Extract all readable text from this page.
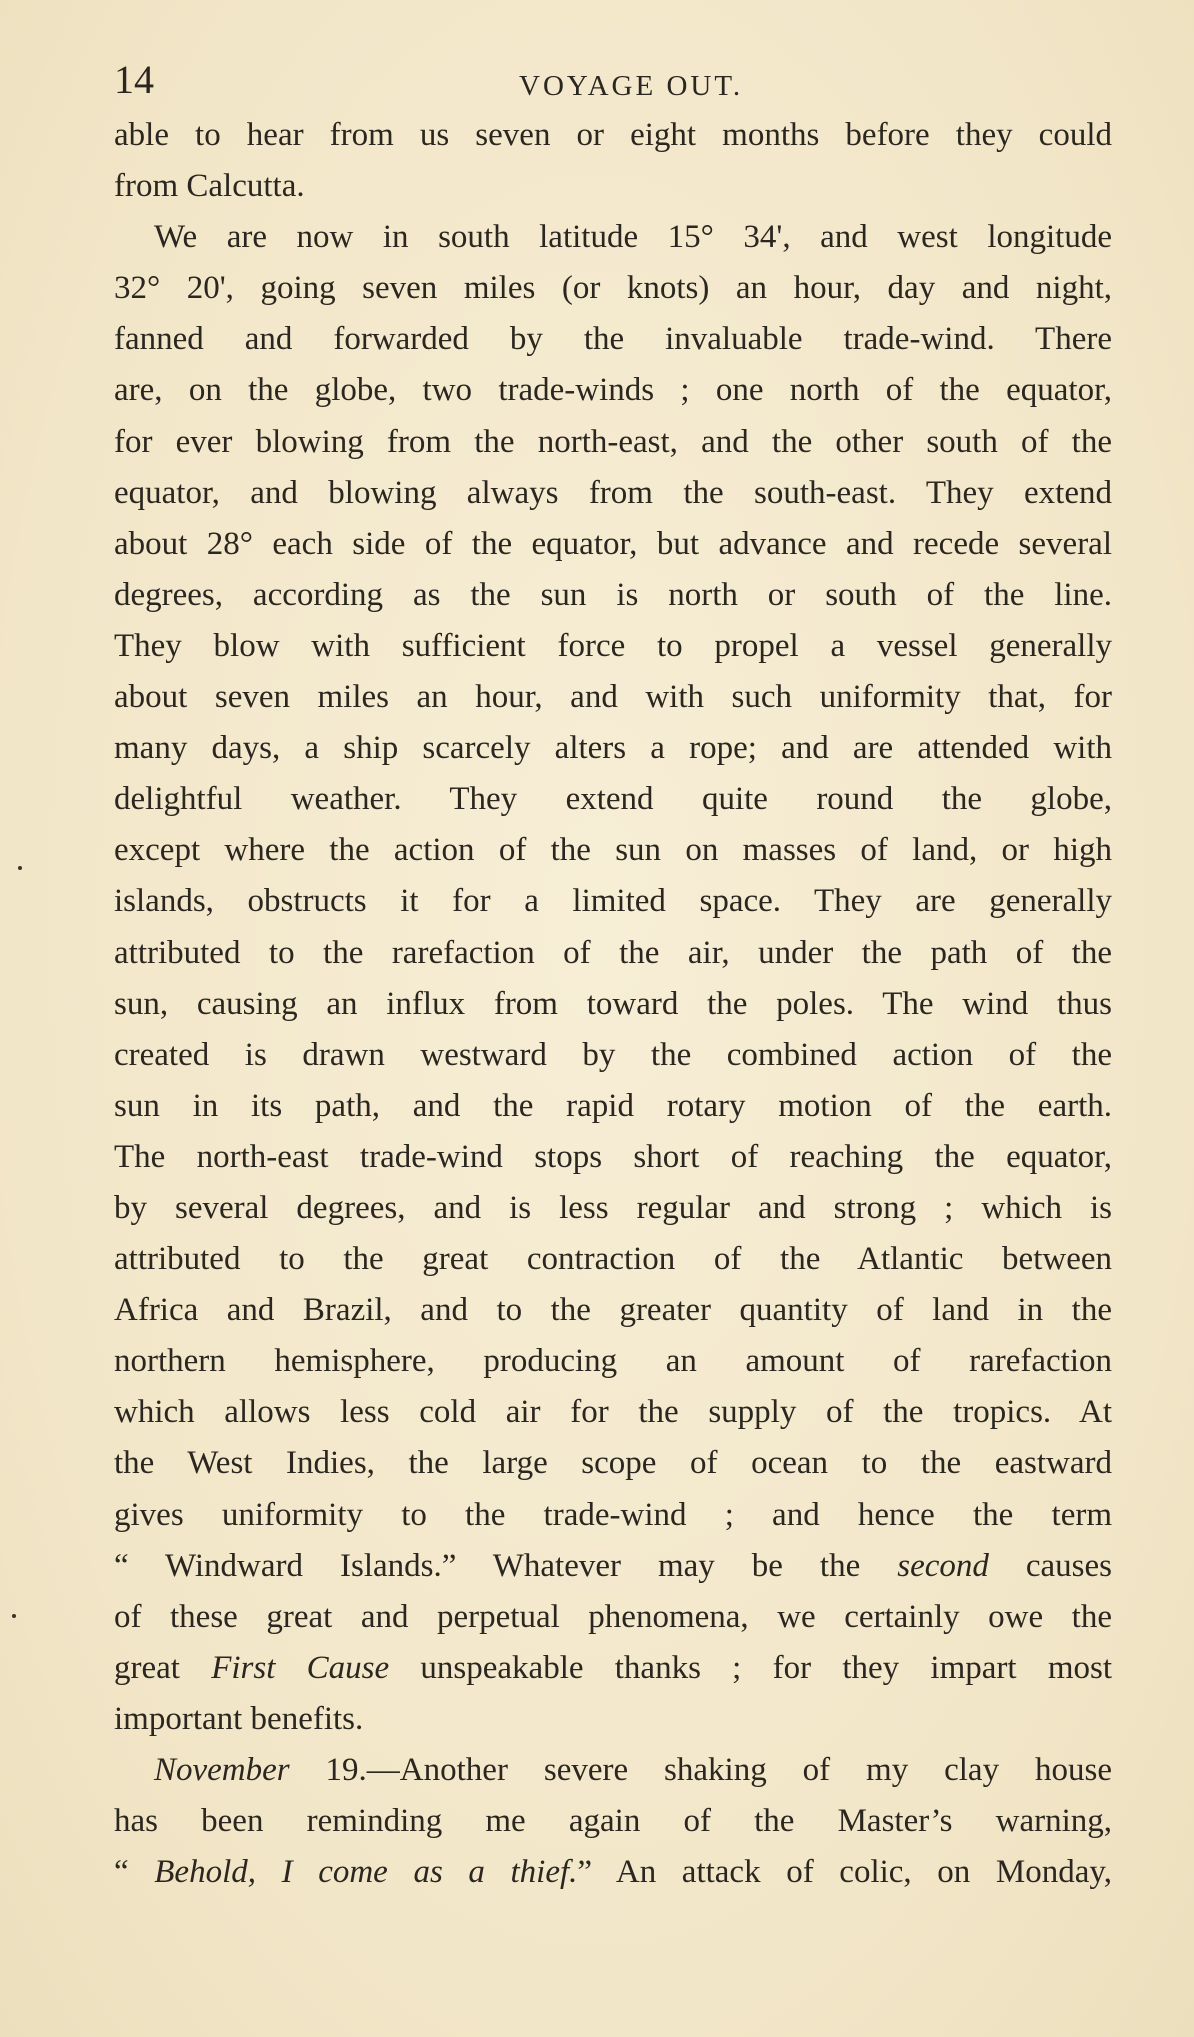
14	VOYAGE OUT.
able to hear from us seven or eight months before they could
from Calcutta.
We are now in south latitude 15° 34', and west longitude
32° 20', going seven miles (or knots) an hour, day and night,
fanned and forwarded by the invaluable trade-wind. There
are, on the globe, two trade-winds ; one north of the equator,
for ever blowing from the north-east, and the other south of the
equator, and blowing always from the south-east. They extend
about 28° each side of the equator, but advance and recede several
degrees, according as the sun is north or south of the line.
They blow with sufficient force to propel a vessel generally
about seven miles an hour, and with such uniformity that, for
many days, a ship scarcely alters a rope; and are attended with
delightful weather. They extend quite round the globe,
except where the action of the sun on masses of land, or high
islands, obstructs it for a limited space. They are generally
attributed to the rarefaction of the air, under the path of the
sun, causing an influx from toward the poles. The wind thus
created is drawn westward by the combined action of the
sun in its path, and the rapid rotary motion of the earth.
The north-east trade-wind stops short of reaching the equator,
by several degrees, and is less regular and strong ; which is
attributed to the great contraction of the Atlantic between
Africa and Brazil, and to the greater quantity of land in the
northern hemisphere, producing an amount of rarefaction
which allows less cold air for the supply of the tropics. At
the West Indies, the large scope of ocean to the eastward
gives uniformity to the trade-wind ; and hence the term
“ Windward Islands.” Whatever may be the second causes
of these great and perpetual phenomena, we certainly owe the
great First Cause unspeakable thanks ; for they impart most
important benefits.
November 19.—Another severe shaking of my clay house
has been reminding me again of the Master’s warning,
“ Behold, I come as a thief.” An attack of colic, on Monday,
